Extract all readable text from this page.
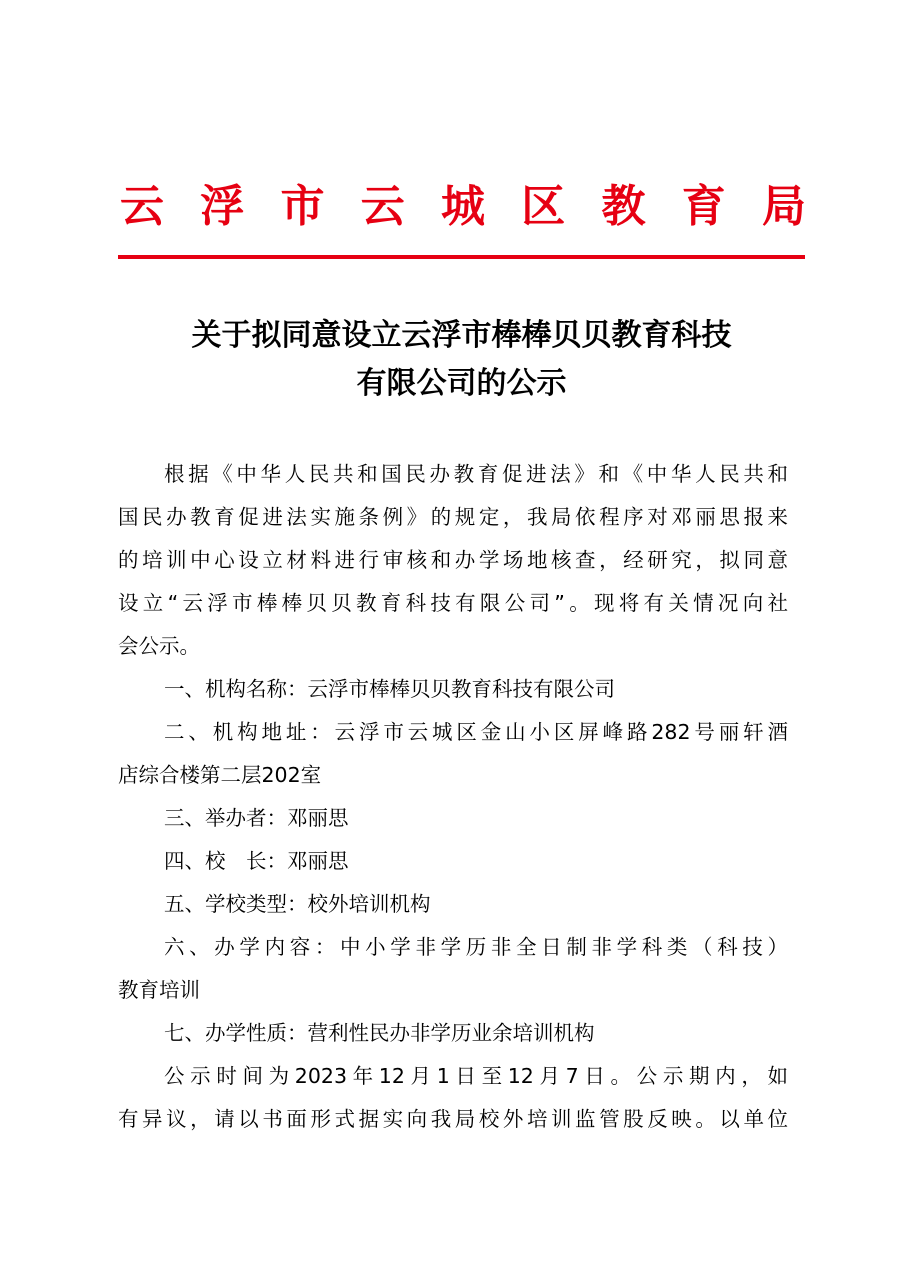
云 浮 市 云 城 区 教 育 局
关于拟同意设立云浮市棒棒贝贝教育科技
有限公司的公示
根据《中华人民共和国民办教育促进法》和《中华人民共和
国民办教育促进法实施条例》的规定，我局依程序对邓丽思报来
的培训中心设立材料进行审核和办学场地核查，经研究，拟同意
设立“云浮市棒棒贝贝教育科技有限公司”。现将有关情况向社
会公示。
一、机构名称：云浮市棒棒贝贝教育科技有限公司
二、机构地址：云浮市云城区金山小区屏峰路282号丽轩酒
店综合楼第二层202室
三、举办者：邓丽思
四、校　长：邓丽思
五、学校类型：校外培训机构
六、办学内容：中小学非学历非全日制非学科类（科技）
教育培训
七、办学性质：营利性民办非学历业余培训机构
公示时间为2023年12月1日至12月7日。公示期内，如
有异议，请以书面形式据实向我局校外培训监管股反映。以单位
